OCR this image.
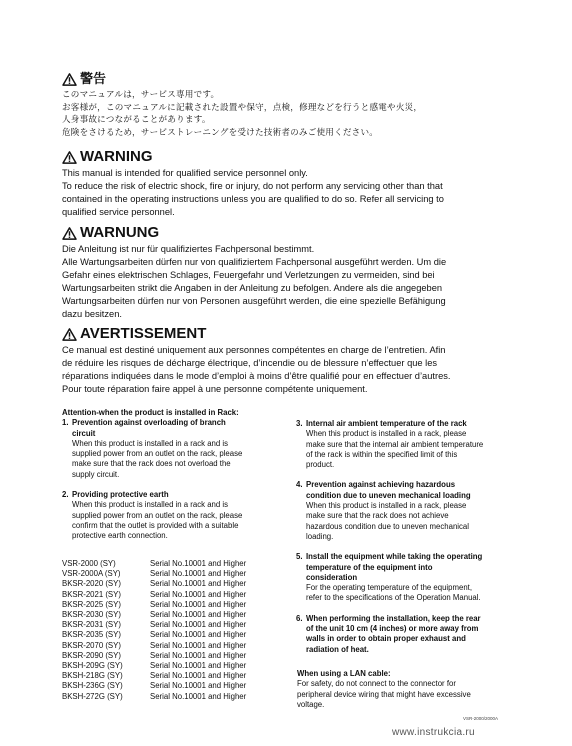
警告
このマニュアルは，サービス専用です。
お客様が，このマニュアルに記載された設置や保守，点検，修理などを行うと感電や火災，
人身事故につながることがあります。
危険をさけるため，サービストレーニングを受けた技術者のみご使用ください。
WARNING
This manual is intended for qualified service personnel only.
To reduce the risk of electric shock, fire or injury, do not perform any servicing other than that
contained in the operating instructions unless you are qualified to do so. Refer all servicing to
qualified service personnel.
WARNUNG
Die Anleitung ist nur für qualifiziertes Fachpersonal bestimmt.
Alle Wartungsarbeiten dürfen nur von qualifiziertem Fachpersonal ausgeführt werden. Um die
Gefahr eines elektrischen Schlages, Feuergefahr und Verletzungen zu vermeiden, sind bei
Wartungsarbeiten strikt die Angaben in der Anleitung zu befolgen. Andere als die angegeben
Wartungsarbeiten dürfen nur von Personen ausgeführt werden, die eine spezielle Befähigung
dazu besitzen.
AVERTISSEMENT
Ce manual est destiné uniquement aux personnes compétentes en charge de l’entretien. Afin
de réduire les risques de décharge électrique, d’incendie ou de blessure n’effectuer que les
réparations indiquées dans le mode d’emploi à moins d’être qualifié pour en effectuer d’autres.
Pour toute réparation faire appel à une personne compétente uniquement.
Attention-when the product is installed in Rack:
1. Prevention against overloading of branch
circuit
When this product is installed in a rack and is
supplied power from an outlet on the rack, please
make sure that the rack does not overload the
supply circuit.
2. Providing protective earth
When this product is installed in a rack and is
supplied power from an outlet on the rack, please
confirm that the outlet is provided with a suitable
protective earth connection.
3. Internal air ambient temperature of the rack
When this product is installed in a rack, please
make sure that the internal air ambient temperature
of the rack is within the specified limit of this
product.
4. Prevention against achieving hazardous
condition due to uneven mechanical loading
When this product is installed in a rack, please
make sure that the rack does not achieve
hazardous condition due to uneven mechanical
loading.
5. Install the equipment while taking the operating
temperature of the equipment into
consideration
For the operating temperature of the equipment,
refer to the specifications of the Operation Manual.
6. When performing the installation, keep the rear
of the unit 10 cm (4 inches) or more away from
walls in order to obtain proper exhaust and
radiation of heat.
VSR-2000 (SY)	Serial No.10001 and Higher
VSR-2000A (SY)	Serial No.10001 and Higher
BKSR-2020 (SY)	Serial No.10001 and Higher
BKSR-2021 (SY)	Serial No.10001 and Higher
BKSR-2025 (SY)	Serial No.10001 and Higher
BKSR-2030 (SY)	Serial No.10001 and Higher
BKSR-2031 (SY)	Serial No.10001 and Higher
BKSR-2035 (SY)	Serial No.10001 and Higher
BKSR-2070 (SY)	Serial No.10001 and Higher
BKSR-2090 (SY)	Serial No.10001 and Higher
BKSH-209G (SY)	Serial No.10001 and Higher
BKSH-218G (SY)	Serial No.10001 and Higher
BKSH-236G (SY)	Serial No.10001 and Higher
BKSH-272G (SY)	Serial No.10001 and Higher
When using a LAN cable:
For safety, do not connect to the connector for
peripheral device wiring that might have excessive
voltage.
VSR-2000/2000A
www.instrukcia.ru
